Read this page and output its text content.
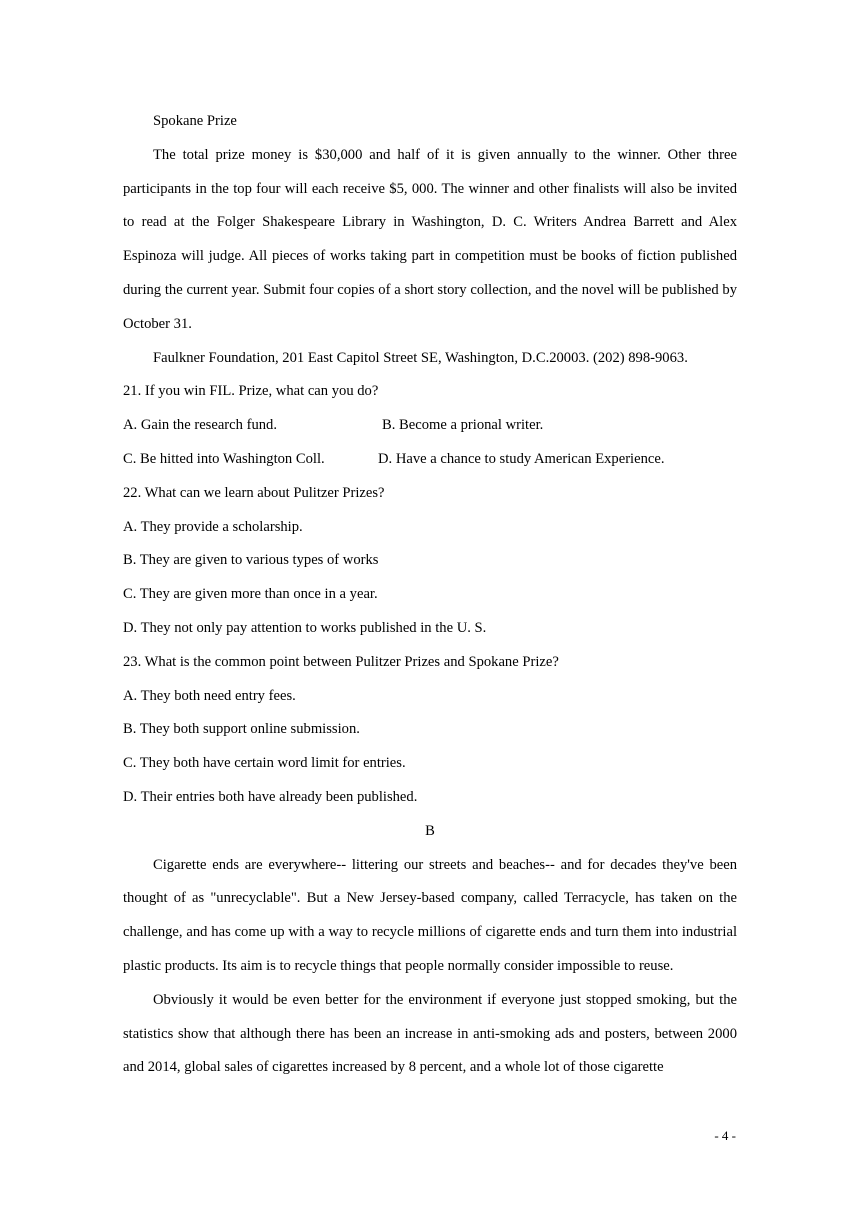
Spokane Prize

The total prize money is $30,000 and half of it is given annually to the winner. Other three participants in the top four will each receive $5, 000. The winner and other finalists will also be invited to read at the Folger Shakespeare Library in Washington, D. C. Writers Andrea Barrett and Alex Espinoza will judge. All pieces of works taking part in competition must be books of fiction published during the current year. Submit four copies of a short story collection, and the novel will be published by October 31.

Faulkner Foundation, 201 East Capitol Street SE, Washington, D.C.20003. (202) 898-9063.

21. If you win FIL. Prize, what can you do?

A. Gain the research fund.	B. Become a prional writer.
C. Be hitted into Washington Coll.	D. Have a chance to study American Experience.

22. What can we learn about Pulitzer Prizes?

A. They provide a scholarship.

B. They are given to various types of works

C. They are given more than once in a year.

D. They not only pay attention to works published in the U. S.

23. What is the common point between Pulitzer Prizes and Spokane Prize?

A. They both need entry fees.

B. They both support online submission.

C. They both have certain word limit for entries.

D. Their entries both have already been published.

B

Cigarette ends are everywhere-- littering our streets and beaches-- and for decades they've been thought of as "unrecyclable". But a New Jersey-based company, called Terracycle, has taken on the challenge, and has come up with a way to recycle millions of cigarette ends and turn them into industrial plastic products. Its aim is to recycle things that people normally consider impossible to reuse.

Obviously it would be even better for the environment if everyone just stopped smoking, but the statistics show that although there has been an increase in anti-smoking ads and posters, between 2000 and 2014, global sales of cigarettes increased by 8 percent, and a whole lot of those cigarette

- 4 -
